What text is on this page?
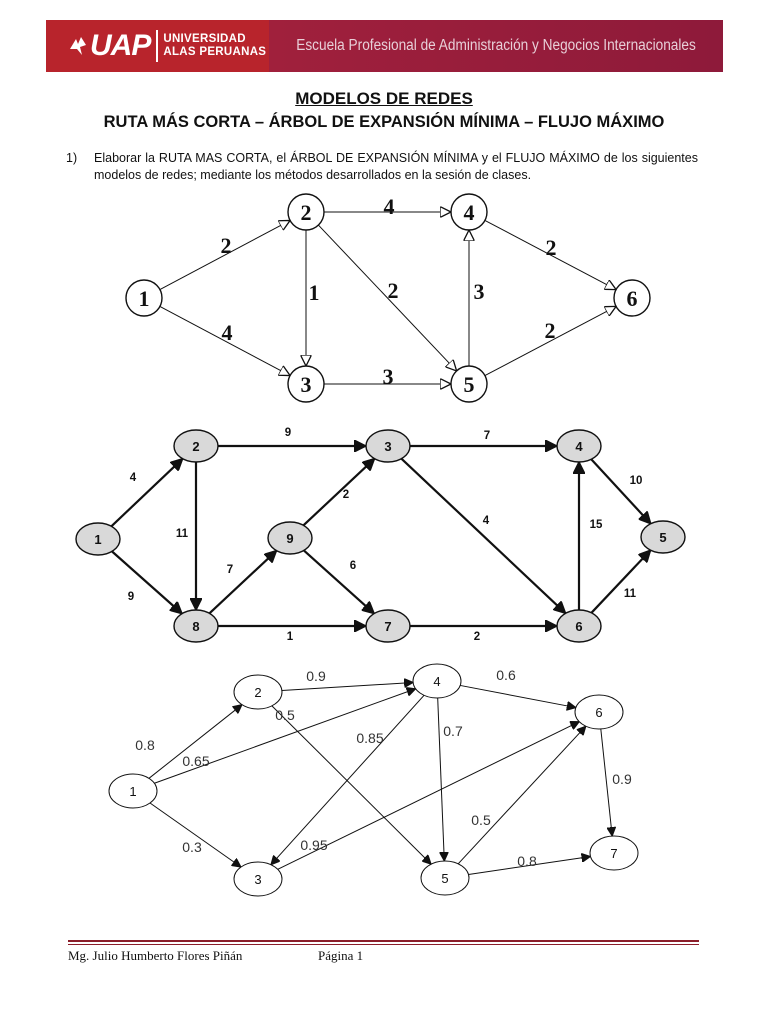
UAP UNIVERSIDAD
ALAS PERUANAS Escuela Profesional de Administración y Negocios Internacionales
MODELOS DE REDES
RUTA MÁS CORTA – ÁRBOL DE EXPANSIÓN MÍNIMA – FLUJO MÁXIMO
1)	Elaborar la RUTA MAS CORTA, el ÁRBOL DE EXPANSIÓN MÍNIMA y el FLUJO MÁXIMO de los siguientes modelos de redes; mediante los métodos desarrollados en la sesión de clases.
2
4
1
4
2
3
3
2
2
1
2
3
4
5
6
4
9
9
11
7
1
2
6
7
4
2
15
10
11
1
2	3	4
5
6
7
8
9
0.8
0.65
0.3
0.9
0.5
0.85	0.7
0.6
0.95
0.5
0.8
0.9
1
2
3
4
5
6
7
Mg. Julio Humberto Flores Piñán	Página 1
